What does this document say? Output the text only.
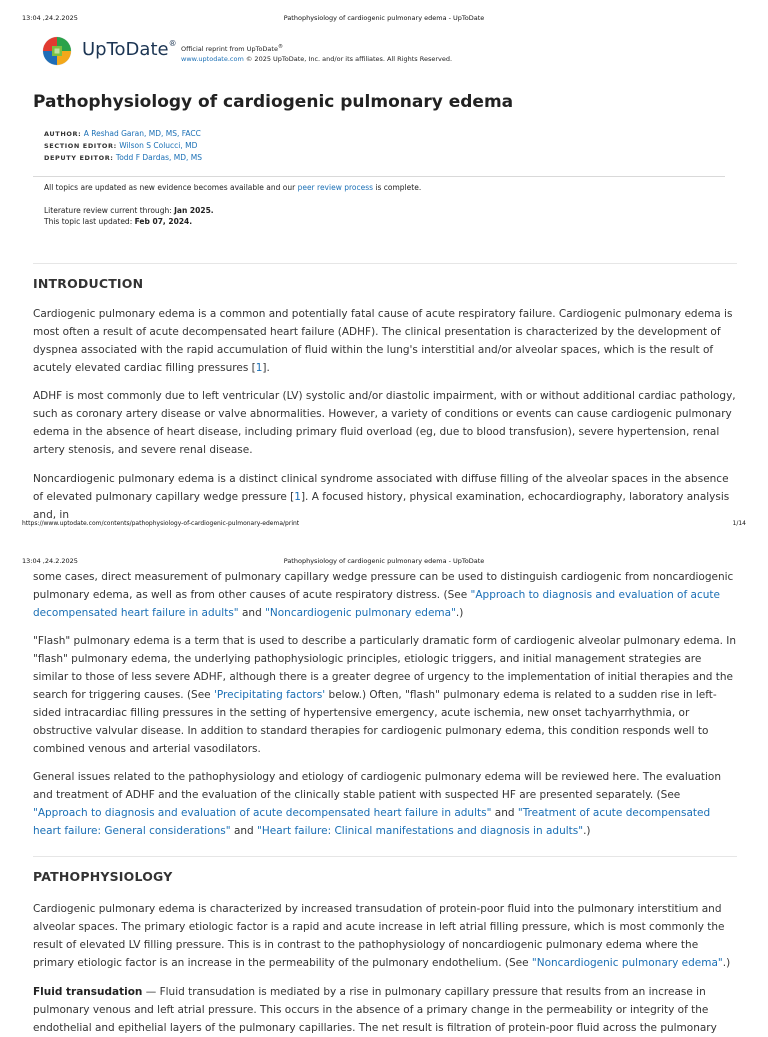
13:04 ,24.2.2025	Pathophysiology of cardiogenic pulmonary edema - UpToDate
UpToDate®
Official reprint from UpToDate®
www.uptodate.com © 2025 UpToDate, Inc. and/or its affiliates. All Rights Reserved.
Pathophysiology of cardiogenic pulmonary edema
AUTHOR: A Reshad Garan, MD, MS, FACC
SECTION EDITOR: Wilson S Colucci, MD
DEPUTY EDITOR: Todd F Dardas, MD, MS
All topics are updated as new evidence becomes available and our peer review process is complete.
Literature review current through: Jan 2025.
This topic last updated: Feb 07, 2024.
INTRODUCTION

Cardiogenic pulmonary edema is a common and potentially fatal cause of acute respiratory failure. Cardiogenic pulmonary edema is most often a result of acute decompensated heart failure (ADHF). The clinical presentation is characterized by the development of dyspnea associated with the rapid accumulation of fluid within the lung's interstitial and/or alveolar spaces, which is the result of acutely elevated cardiac filling pressures [1].

ADHF is most commonly due to left ventricular (LV) systolic and/or diastolic impairment, with or without additional cardiac pathology, such as coronary artery disease or valve abnormalities. However, a variety of conditions or events can cause cardiogenic pulmonary edema in the absence of heart disease, including primary fluid overload (eg, due to blood transfusion), severe hypertension, renal artery stenosis, and severe renal disease.

Noncardiogenic pulmonary edema is a distinct clinical syndrome associated with diffuse filling of the alveolar spaces in the absence of elevated pulmonary capillary wedge pressure [1]. A focused history, physical examination, echocardiography, laboratory analysis and, in

https://www.uptodate.com/contents/pathophysiology-of-cardiogenic-pulmonary-edema/print	1/14
13:04 ,24.2.2025	Pathophysiology of cardiogenic pulmonary edema - UpToDate

some cases, direct measurement of pulmonary capillary wedge pressure can be used to distinguish cardiogenic from noncardiogenic pulmonary edema, as well as from other causes of acute respiratory distress. (See "Approach to diagnosis and evaluation of acute decompensated heart failure in adults" and "Noncardiogenic pulmonary edema".)

"Flash" pulmonary edema is a term that is used to describe a particularly dramatic form of cardiogenic alveolar pulmonary edema. In "flash" pulmonary edema, the underlying pathophysiologic principles, etiologic triggers, and initial management strategies are similar to those of less severe ADHF, although there is a greater degree of urgency to the implementation of initial therapies and the search for triggering causes. (See 'Precipitating factors' below.) Often, "flash" pulmonary edema is related to a sudden rise in left-sided intracardiac filling pressures in the setting of hypertensive emergency, acute ischemia, new onset tachyarrhythmia, or obstructive valvular disease. In addition to standard therapies for cardiogenic pulmonary edema, this condition responds well to combined venous and arterial vasodilators.

General issues related to the pathophysiology and etiology of cardiogenic pulmonary edema will be reviewed here. The evaluation and treatment of ADHF and the evaluation of the clinically stable patient with suspected HF are presented separately. (See "Approach to diagnosis and evaluation of acute decompensated heart failure in adults" and "Treatment of acute decompensated heart failure: General considerations" and "Heart failure: Clinical manifestations and diagnosis in adults".)

PATHOPHYSIOLOGY

Cardiogenic pulmonary edema is characterized by increased transudation of protein-poor fluid into the pulmonary interstitium and alveolar spaces. The primary etiologic factor is a rapid and acute increase in left atrial filling pressure, which is most commonly the result of elevated LV filling pressure. This is in contrast to the pathophysiology of noncardiogenic pulmonary edema where the primary etiologic factor is an increase in the permeability of the pulmonary endothelium. (See "Noncardiogenic pulmonary edema".)

Fluid transudation — Fluid transudation is mediated by a rise in pulmonary capillary pressure that results from an increase in pulmonary venous and left atrial pressure. This occurs in the absence of a primary change in the permeability or integrity of the endothelial and epithelial layers of the pulmonary capillaries. The net result is filtration of protein-poor fluid across the pulmonary
